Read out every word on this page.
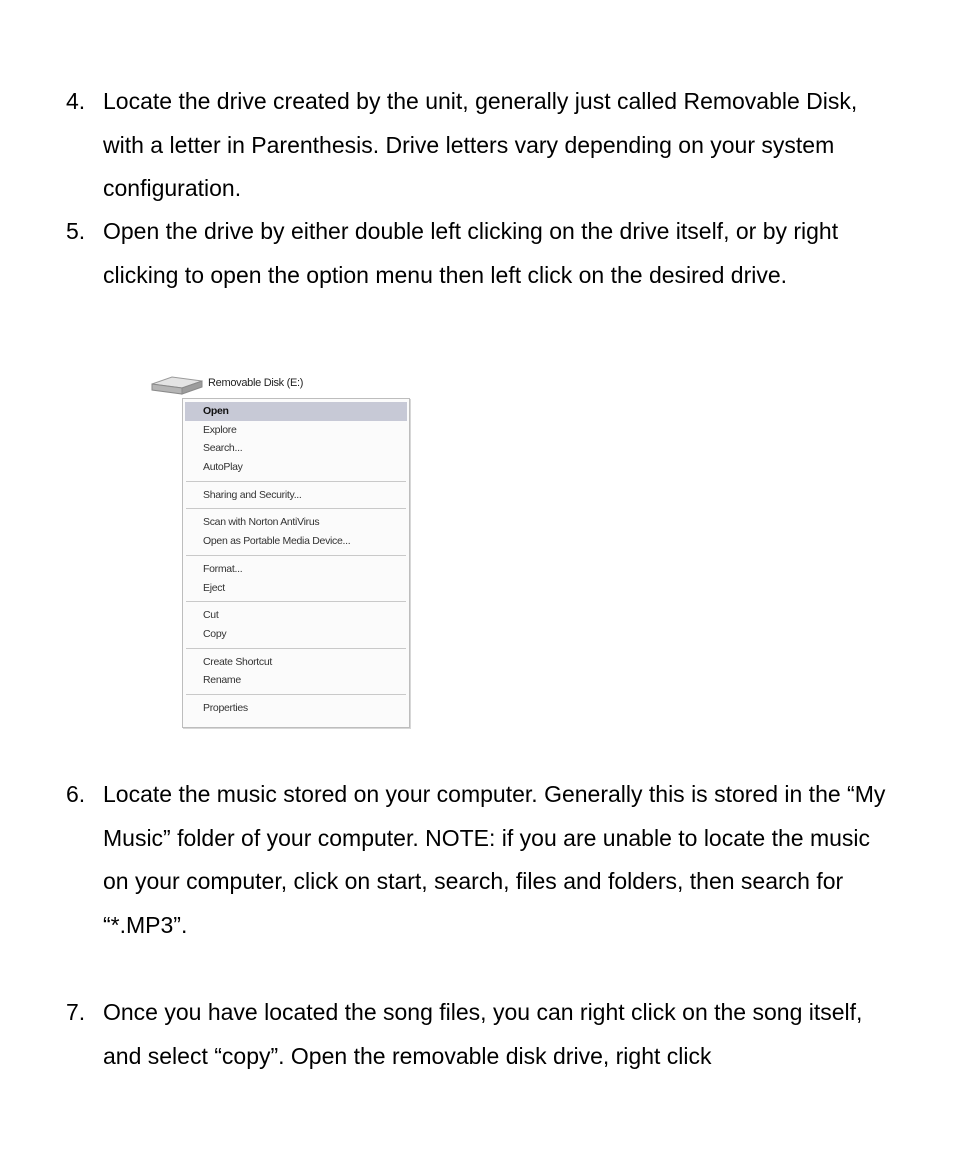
4. Locate the drive created by the unit, generally just called Removable Disk, with a letter in Parenthesis. Drive letters vary depending on your system configuration.
5. Open the drive by either double left clicking on the drive itself, or by right clicking to open the option menu then left click on the desired drive.
Removable Disk (E:)
Open
Explore
Search...
AutoPlay
Sharing and Security...
Scan with Norton AntiVirus
Open as Portable Media Device...
Format...
Eject
Cut
Copy
Create Shortcut
Rename
Properties
6. Locate the music stored on your computer. Generally this is stored in the “My Music” folder of your computer. NOTE: if you are unable to locate the music on your computer, click on start, search, files and folders, then search for “*.MP3”.
7. Once you have located the song files, you can right click on the song itself, and select “copy”. Open the removable disk drive, right click
